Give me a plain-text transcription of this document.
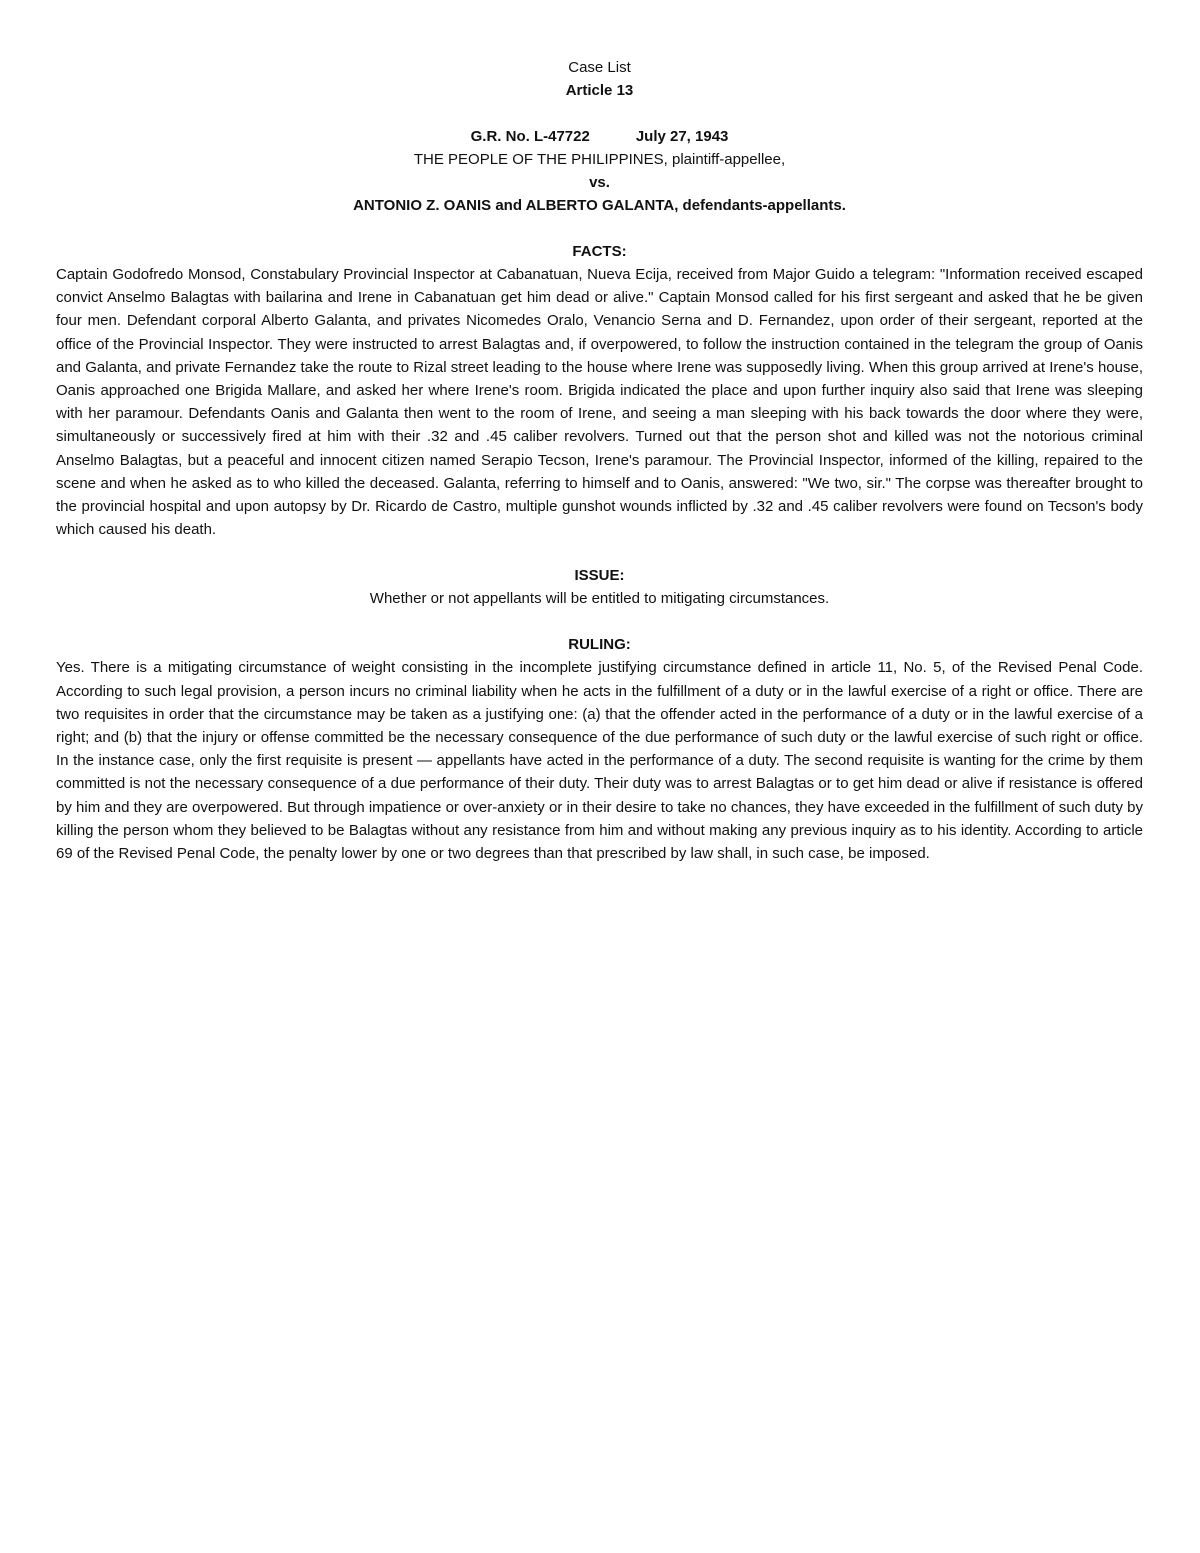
Case List
Article 13
G.R. No. L-47722	July 27, 1943
THE PEOPLE OF THE PHILIPPINES, plaintiff-appellee,
vs.
ANTONIO Z. OANIS and ALBERTO GALANTA, defendants-appellants.
FACTS:

Captain Godofredo Monsod, Constabulary Provincial Inspector at Cabanatuan, Nueva Ecija, received from Major Guido a telegram: "Information received escaped convict Anselmo Balagtas with bailarina and Irene in Cabanatuan get him dead or alive." Captain Monsod called for his first sergeant and asked that he be given four men. Defendant corporal Alberto Galanta, and privates Nicomedes Oralo, Venancio Serna and D. Fernandez, upon order of their sergeant, reported at the office of the Provincial Inspector. They were instructed to arrest Balagtas and, if overpowered, to follow the instruction contained in the telegram the group of Oanis and Galanta, and private Fernandez take the route to Rizal street leading to the house where Irene was supposedly living. When this group arrived at Irene's house, Oanis approached one Brigida Mallare, and asked her where Irene's room. Brigida indicated the place and upon further inquiry also said that Irene was sleeping with her paramour. Defendants Oanis and Galanta then went to the room of Irene, and seeing a man sleeping with his back towards the door where they were, simultaneously or successively fired at him with their .32 and .45 caliber revolvers. Turned out that the person shot and killed was not the notorious criminal Anselmo Balagtas, but a peaceful and innocent citizen named Serapio Tecson, Irene's paramour. The Provincial Inspector, informed of the killing, repaired to the scene and when he asked as to who killed the deceased. Galanta, referring to himself and to Oanis, answered: "We two, sir." The corpse was thereafter brought to the provincial hospital and upon autopsy by Dr. Ricardo de Castro, multiple gunshot wounds inflicted by .32 and .45 caliber revolvers were found on Tecson's body which caused his death.

ISSUE:
Whether or not appellants will be entitled to mitigating circumstances.
RULING:

Yes. There is a mitigating circumstance of weight consisting in the incomplete justifying circumstance defined in article 11, No. 5, of the Revised Penal Code. According to such legal provision, a person incurs no criminal liability when he acts in the fulfillment of a duty or in the lawful exercise of a right or office. There are two requisites in order that the circumstance may be taken as a justifying one: (a) that the offender acted in the performance of a duty or in the lawful exercise of a right; and (b) that the injury or offense committed be the necessary consequence of the due performance of such duty or the lawful exercise of such right or office. In the instance case, only the first requisite is present — appellants have acted in the performance of a duty. The second requisite is wanting for the crime by them committed is not the necessary consequence of a due performance of their duty. Their duty was to arrest Balagtas or to get him dead or alive if resistance is offered by him and they are overpowered. But through impatience or over-anxiety or in their desire to take no chances, they have exceeded in the fulfillment of such duty by killing the person whom they believed to be Balagtas without any resistance from him and without making any previous inquiry as to his identity. According to article 69 of the Revised Penal Code, the penalty lower by one or two degrees than that prescribed by law shall, in such case, be imposed.
